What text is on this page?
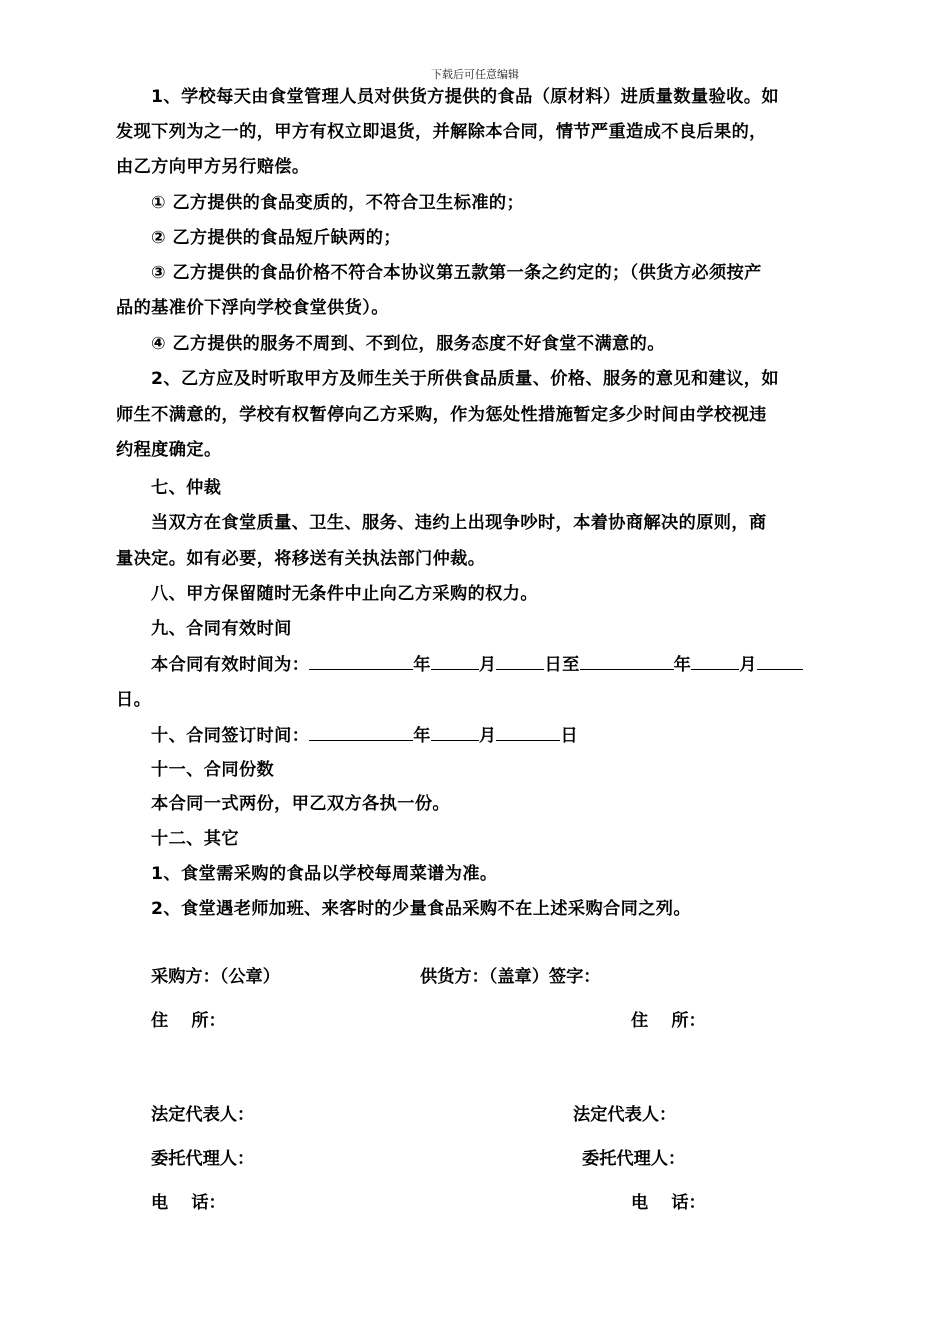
下载后可任意编辑
1、学校每天由食堂管理人员对供货方提供的食品（原材料）进质量数量验收。如
发现下列为之一的，甲方有权立即退货，并解除本合同，情节严重造成不良后果的，
由乙方向甲方另行赔偿。
① 乙方提供的食品变质的，不符合卫生标准的；
② 乙方提供的食品短斤缺两的；
③ 乙方提供的食品价格不符合本协议第五款第一条之约定的；（供货方必须按产
品的基准价下浮向学校食堂供货）。
④ 乙方提供的服务不周到、不到位，服务态度不好食堂不满意的。
2、乙方应及时听取甲方及师生关于所供食品质量、价格、服务的意见和建议，如
师生不满意的，学校有权暂停向乙方采购，作为惩处性措施暂定多少时间由学校视违
约程度确定。
七、仲裁
当双方在食堂质量、卫生、服务、违约上出现争吵时，本着协商解决的原则，商
量决定。如有必要，将移送有关执法部门仲裁。
八、甲方保留随时无条件中止向乙方采购的权力。
九、合同有效时间
本合同有效时间为：	年	月	日至	年	月
日。
十、合同签订时间：	年	月	日
十一、合同份数
本合同一式两份，甲乙双方各执一份。
十二、其它
1、食堂需采购的食品以学校每周菜谱为准。
2、食堂遇老师加班、来客时的少量食品采购不在上述采购合同之列。
采购方：（公章）	供货方：（盖章）签字：
住　 所：	住　 所：
法定代表人：	法定代表人：
委托代理人：	委托代理人：
电　 话：	电　 话：
